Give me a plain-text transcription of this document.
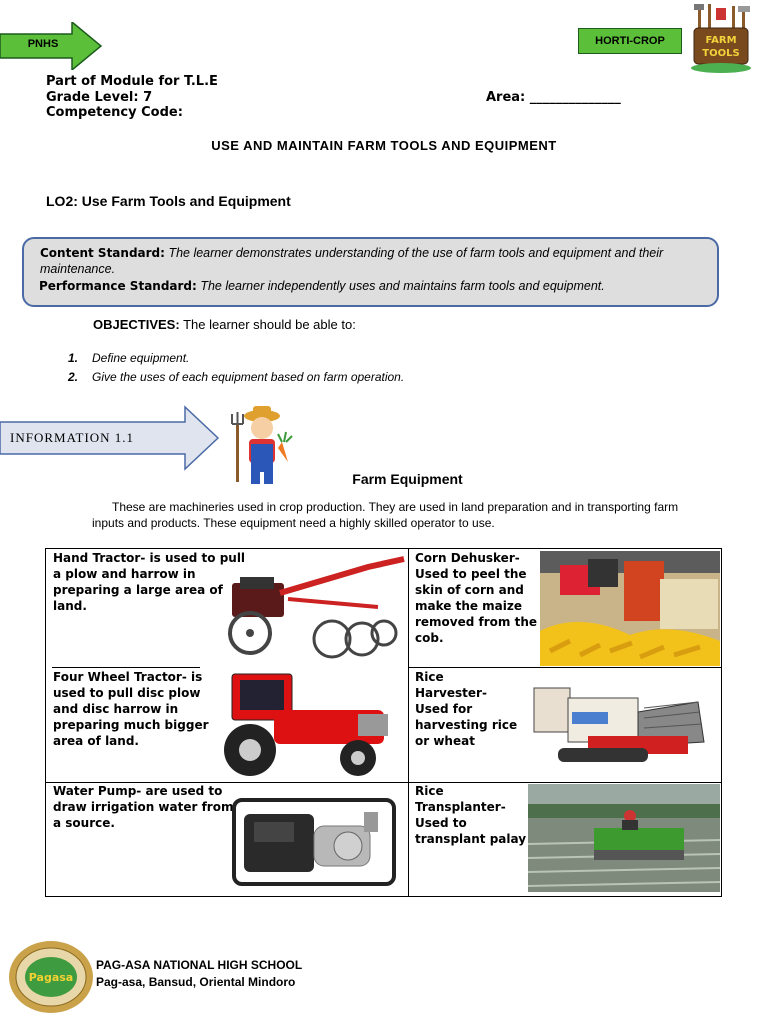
PNHS	HORTI-CROP	FARM
TOOLS
Part of Module for T.L.E
Grade Level: 7
Competency Code:
Area: ______________
USE AND MAINTAIN FARM TOOLS AND EQUIPMENT
LO2: Use Farm Tools and Equipment
Content Standard: The learner demonstrates understanding of the use of farm tools and equipment and their maintenance.
Performance Standard: The learner independently uses and maintains farm tools and equipment.
OBJECTIVES: The learner should be able to:
1. Define equipment.
2. Give the uses of each equipment based on farm operation.
INFORMATION 1.1
Farm Equipment
These are machineries used in crop production. They are used in land preparation and in transporting farm inputs and products. These equipment need a highly skilled operator to use.
Hand Tractor- is used to pull
a plow and harrow in
preparing a large area of
land.
Corn Dehusker-
Used to peel the
skin of corn and
make the maize
removed from the
cob.
Four Wheel Tractor- is
used to pull disc plow
and disc harrow in
preparing much bigger
area of land.
Rice
Harvester-
Used for
harvesting rice
or wheat
Water Pump- are used to
draw irrigation water from
a source.
Rice
Transplanter-
Used to
transplant palay
Pagasa
PAG-ASA NATIONAL HIGH SCHOOL
Pag-asa, Bansud, Oriental Mindoro
